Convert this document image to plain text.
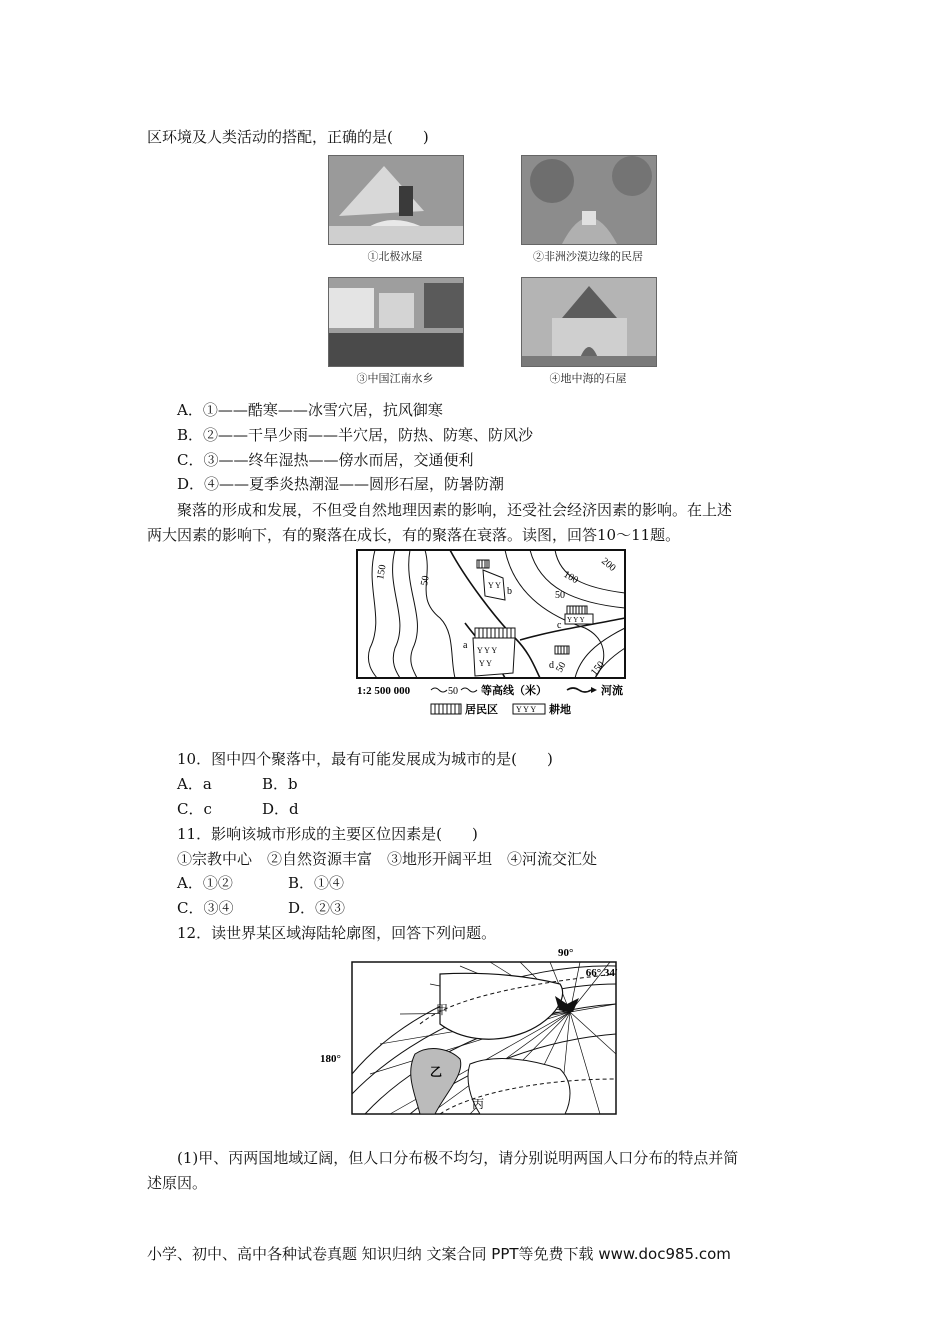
区环境及人类活动的搭配，正确的是(　　)
①北极冰屋	②非洲沙漠边缘的民居
③中国江南水乡	④地中海的石屋
A．①——酷寒——冰雪穴居，抗风御寒
B．②——干旱少雨——半穴居，防热、防寒、防风沙
C．③——终年湿热——傍水而居，交通便利
D．④——夏季炎热潮湿——圆形石屋，防暑防潮
聚落的形成和发展，不但受自然地理因素的影响，还受社会经济因素的影响。在上述
两大因素的影响下，有的聚落在成长，有的聚落在衰落。读图，回答10～11题。
Y Y
b
Y Y Y
Y Y
a
Y Y Y
c
d
150
50	100
200
50
50 150
1:2 500 000	50 等高线（米）	河流
居民区 Y Y Y 耕地
10．图中四个聚落中，最有可能发展成为城市的是(　　)
A．a	B．b
C．c	D．d
11．影响该城市形成的主要区位因素是(　　)
①宗教中心　②自然资源丰富　③地形开阔平坦　④河流交汇处
A．①②	B．①④
C．③④	D．②③
12．读世界某区域海陆轮廓图，回答下列问题。
90°
66° 34′
180°
甲
乙
丙
(1)甲、丙两国地域辽阔，但人口分布极不均匀，请分别说明两国人口分布的特点并简
述原因。
小学、初中、高中各种试卷真题 知识归纳 文案合同 PPT等免费下载 www.doc985.com
